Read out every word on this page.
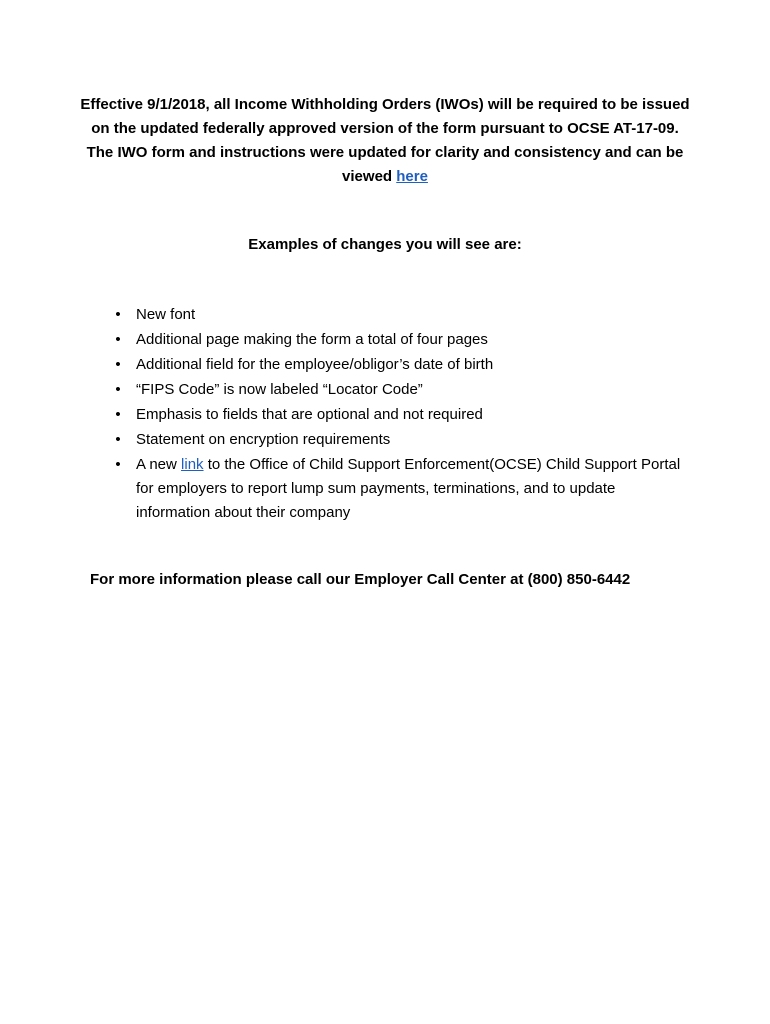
Effective 9/1/2018, all Income Withholding Orders (IWOs) will be required to be issued on the updated federally approved version of the form pursuant to OCSE AT-17-09. The IWO form and instructions were updated for clarity and consistency and can be viewed here

Examples of changes you will see are:

• New font
• Additional page making the form a total of four pages
• Additional field for the employee/obligor’s date of birth
• “FIPS Code” is now labeled “Locator Code”
• Emphasis to fields that are optional and not required
• Statement on encryption requirements
• A new link to the Office of Child Support Enforcement(OCSE) Child Support Portal for employers to report lump sum payments, terminations, and to update information about their company

For more information please call our Employer Call Center at (800) 850-6442
